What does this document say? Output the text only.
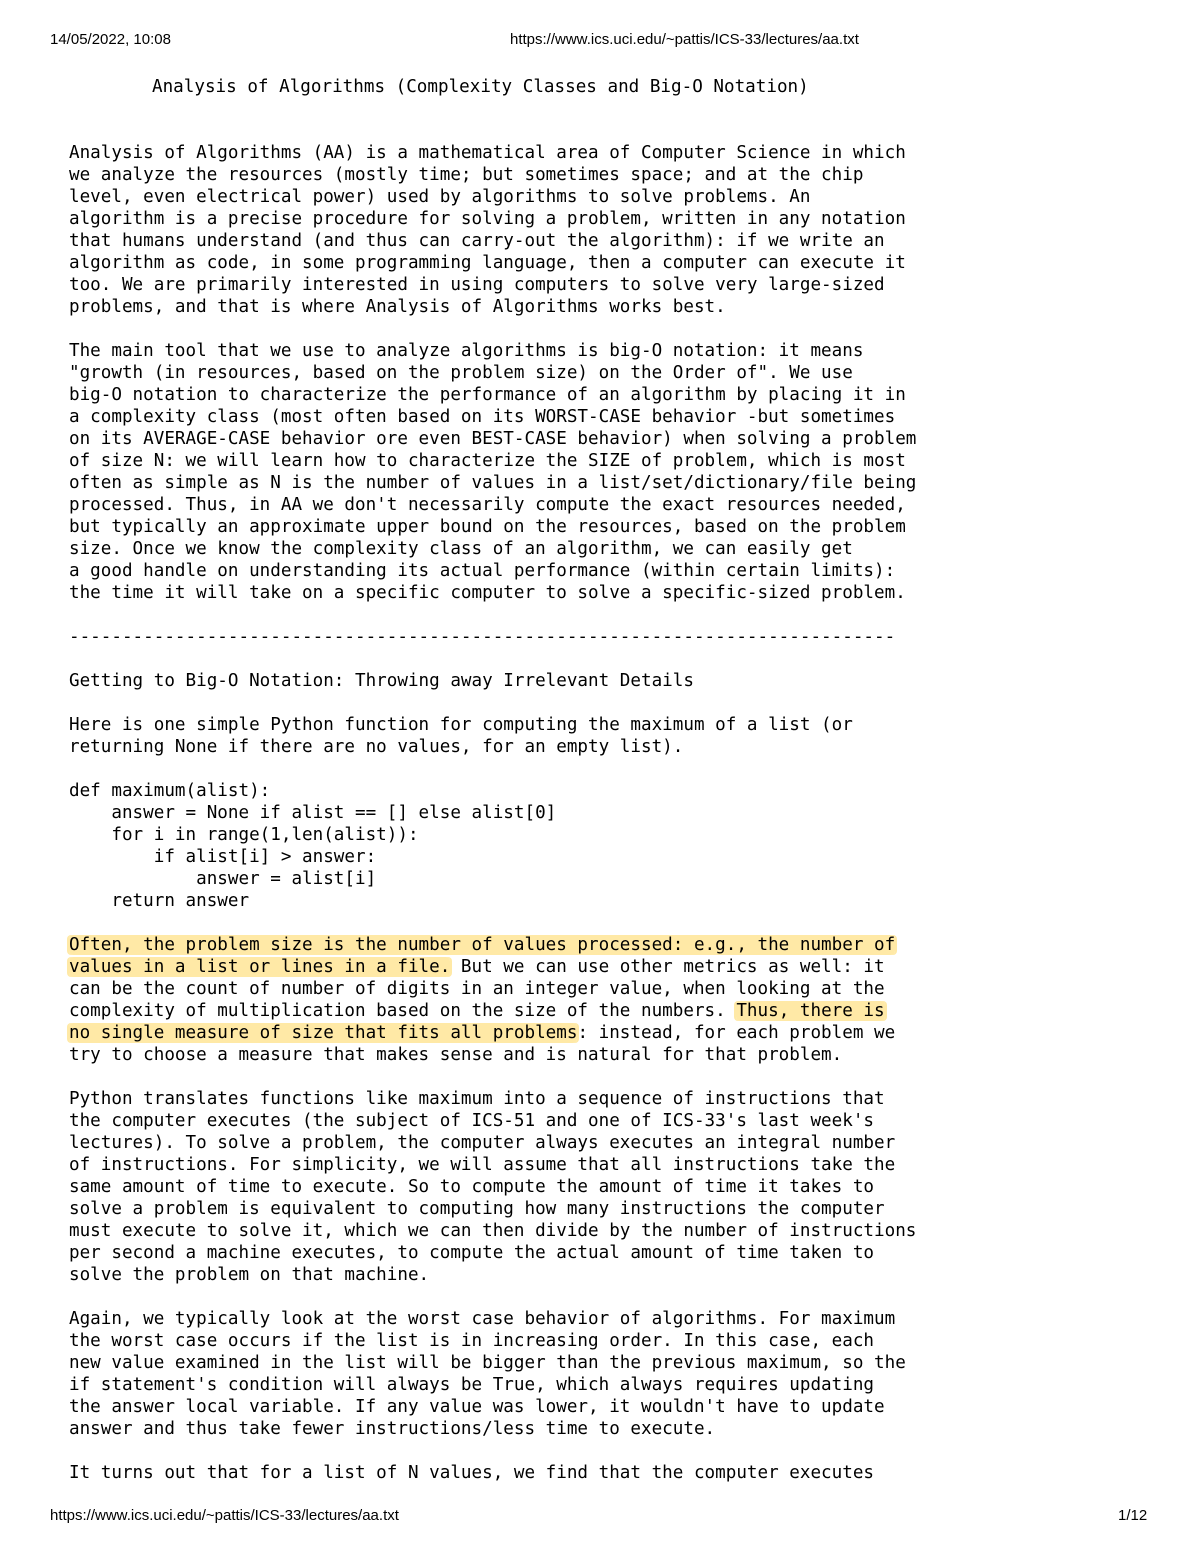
14/05/2022, 10:08	https://www.ics.uci.edu/~pattis/ICS-33/lectures/aa.txt
Analysis of Algorithms (Complexity Classes and Big-O Notation)
Analysis of Algorithms (AA) is a mathematical area of Computer Science in which
we analyze the resources (mostly time; but sometimes space; and at the chip
level, even electrical power) used by algorithms to solve problems. An
algorithm is a precise procedure for solving a problem, written in any notation
that humans understand (and thus can carry-out the algorithm): if we write an
algorithm as code, in some programming language, then a computer can execute it
too. We are primarily interested in using computers to solve very large-sized
problems, and that is where Analysis of Algorithms works best.
The main tool that we use to analyze algorithms is big-O notation: it means
"growth (in resources, based on the problem size) on the Order of". We use
big-O notation to characterize the performance of an algorithm by placing it in
a complexity class (most often based on its WORST-CASE behavior -but sometimes
on its AVERAGE-CASE behavior ore even BEST-CASE behavior) when solving a problem
of size N: we will learn how to characterize the SIZE of problem, which is most
often as simple as N is the number of values in a list/set/dictionary/file being
processed. Thus, in AA we don't necessarily compute the exact resources needed,
but typically an approximate upper bound on the resources, based on the problem
size. Once we know the complexity class of an algorithm, we can easily get
a good handle on understanding its actual performance (within certain limits):
the time it will take on a specific computer to solve a specific-sized problem.
------------------------------------------------------------------------------
Getting to Big-O Notation: Throwing away Irrelevant Details
Here is one simple Python function for computing the maximum of a list (or
returning None if there are no values, for an empty list).
def maximum(alist):
answer = None if alist == [] else alist[0]
for i in range(1,len(alist)):
if alist[i] > answer:
answer = alist[i]
return answer
Often, the problem size is the number of values processed: e.g., the number of
values in a list or lines in a file. But we can use other metrics as well: it
can be the count of number of digits in an integer value, when looking at the
complexity of multiplication based on the size of the numbers. Thus, there is
no single measure of size that fits all problems: instead, for each problem we
try to choose a measure that makes sense and is natural for that problem.
Python translates functions like maximum into a sequence of instructions that
the computer executes (the subject of ICS-51 and one of ICS-33's last week's
lectures). To solve a problem, the computer always executes an integral number
of instructions. For simplicity, we will assume that all instructions take the
same amount of time to execute. So to compute the amount of time it takes to
solve a problem is equivalent to computing how many instructions the computer
must execute to solve it, which we can then divide by the number of instructions
per second a machine executes, to compute the actual amount of time taken to
solve the problem on that machine.
Again, we typically look at the worst case behavior of algorithms. For maximum
the worst case occurs if the list is in increasing order. In this case, each
new value examined in the list will be bigger than the previous maximum, so the
if statement's condition will always be True, which always requires updating
the answer local variable. If any value was lower, it wouldn't have to update
answer and thus take fewer instructions/less time to execute.
It turns out that for a list of N values, we find that the computer executes
https://www.ics.uci.edu/~pattis/ICS-33/lectures/aa.txt	1/12
